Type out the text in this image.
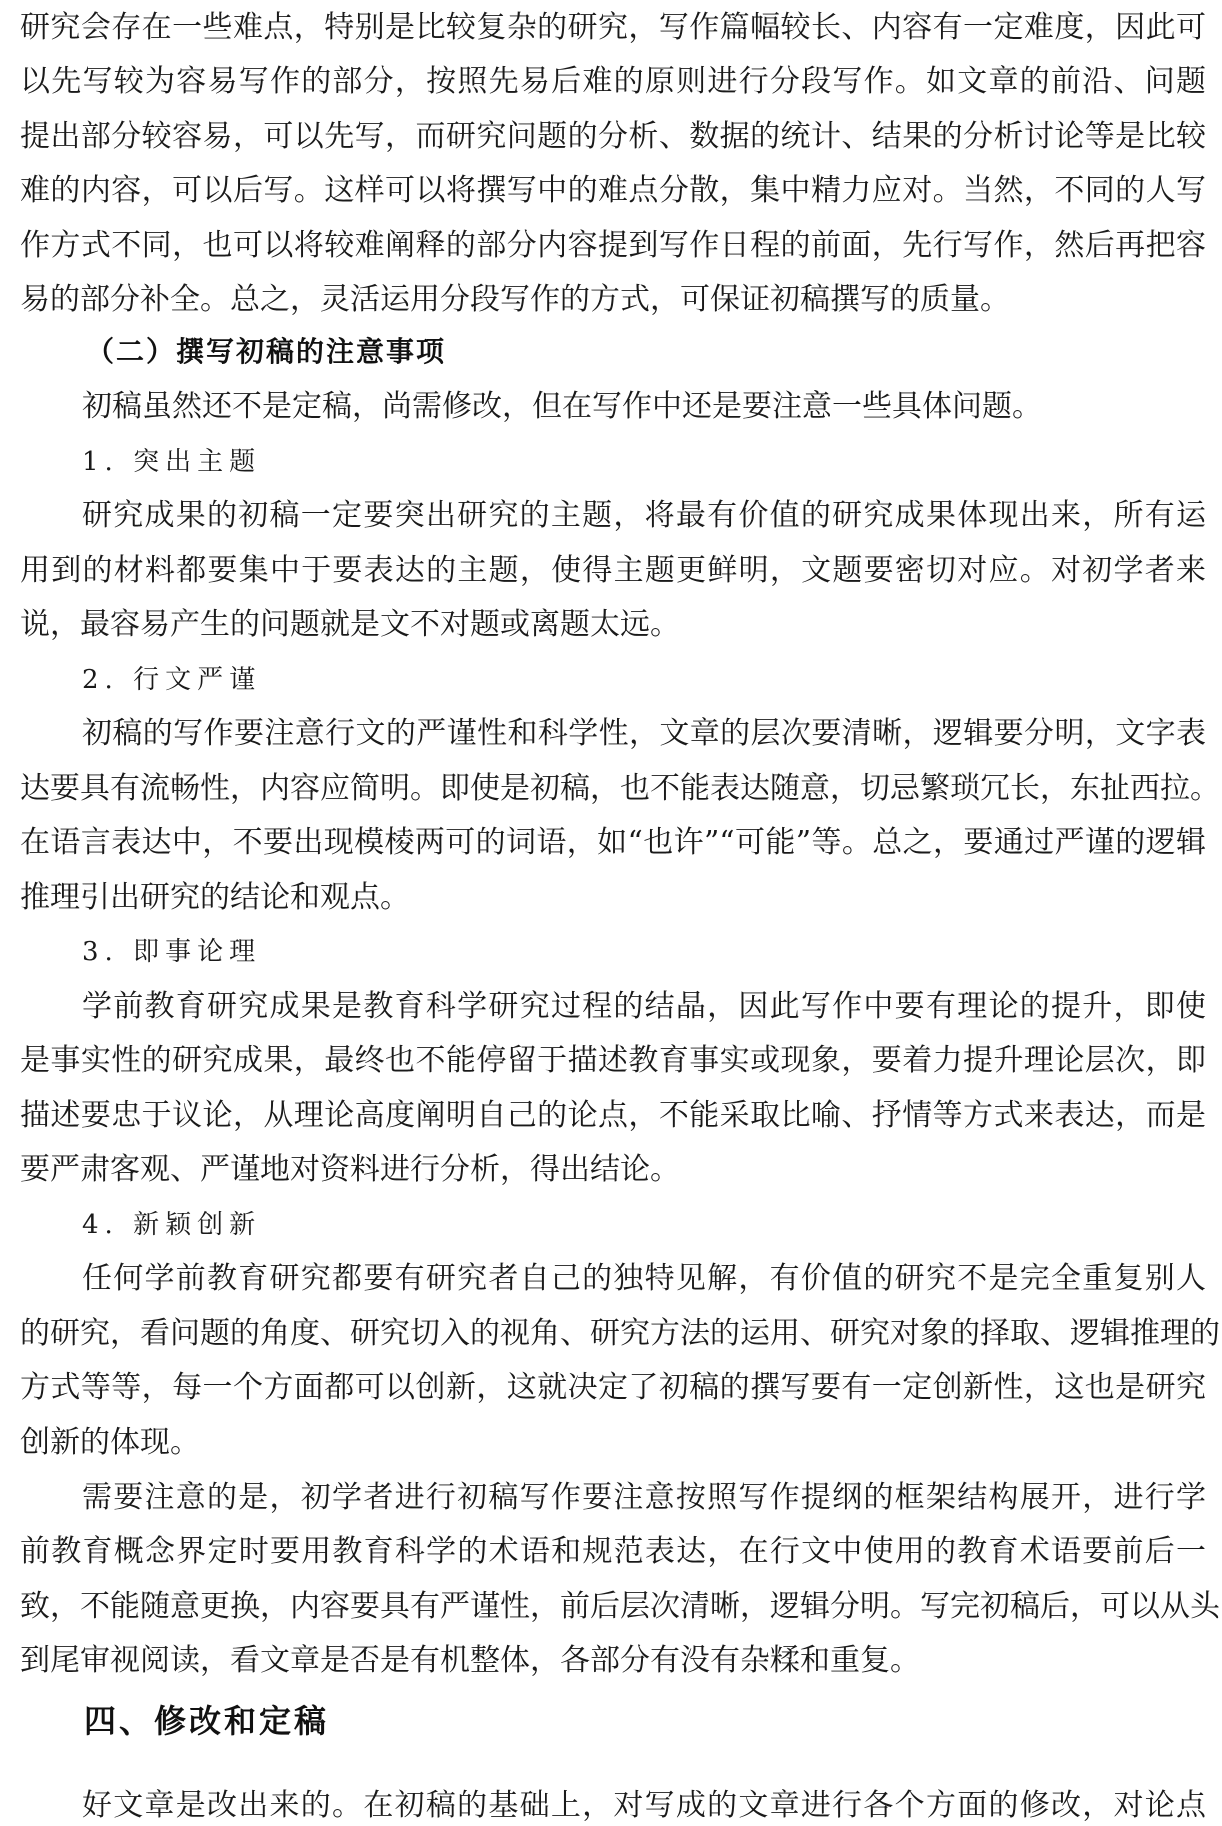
研究会存在一些难点，特别是比较复杂的研究，写作篇幅较长、内容有一定难度，因此可
以先写较为容易写作的部分，按照先易后难的原则进行分段写作。如文章的前沿、问题
提出部分较容易，可以先写，而研究问题的分析、数据的统计、结果的分析讨论等是比较
难的内容，可以后写。这样可以将撰写中的难点分散，集中精力应对。当然，不同的人写
作方式不同，也可以将较难阐释的部分内容提到写作日程的前面，先行写作，然后再把容
易的部分补全。总之，灵活运用分段写作的方式，可保证初稿撰写的质量。
（二）撰写初稿的注意事项
初稿虽然还不是定稿，尚需修改，但在写作中还是要注意一些具体问题。
1. 突出主题
研究成果的初稿一定要突出研究的主题，将最有价值的研究成果体现出来，所有运
用到的材料都要集中于要表达的主题，使得主题更鲜明，文题要密切对应。对初学者来
说，最容易产生的问题就是文不对题或离题太远。
2. 行文严谨
初稿的写作要注意行文的严谨性和科学性，文章的层次要清晰，逻辑要分明，文字表
达要具有流畅性，内容应简明。即使是初稿，也不能表达随意，切忌繁琐冗长，东扯西拉。
在语言表达中，不要出现模棱两可的词语，如“也许”“可能”等。总之，要通过严谨的逻辑
推理引出研究的结论和观点。
3. 即事论理
学前教育研究成果是教育科学研究过程的结晶，因此写作中要有理论的提升，即使
是事实性的研究成果，最终也不能停留于描述教育事实或现象，要着力提升理论层次，即
描述要忠于议论，从理论高度阐明自己的论点，不能采取比喻、抒情等方式来表达，而是
要严肃客观、严谨地对资料进行分析，得出结论。
4. 新颖创新
任何学前教育研究都要有研究者自己的独特见解，有价值的研究不是完全重复别人
的研究，看问题的角度、研究切入的视角、研究方法的运用、研究对象的择取、逻辑推理的
方式等等，每一个方面都可以创新，这就决定了初稿的撰写要有一定创新性，这也是研究
创新的体现。
需要注意的是，初学者进行初稿写作要注意按照写作提纲的框架结构展开，进行学
前教育概念界定时要用教育科学的术语和规范表达，在行文中使用的教育术语要前后一
致，不能随意更换，内容要具有严谨性，前后层次清晰，逻辑分明。写完初稿后，可以从头
到尾审视阅读，看文章是否是有机整体，各部分有没有杂糅和重复。
四、修改和定稿
好文章是改出来的。在初稿的基础上，对写成的文章进行各个方面的修改，对论点
